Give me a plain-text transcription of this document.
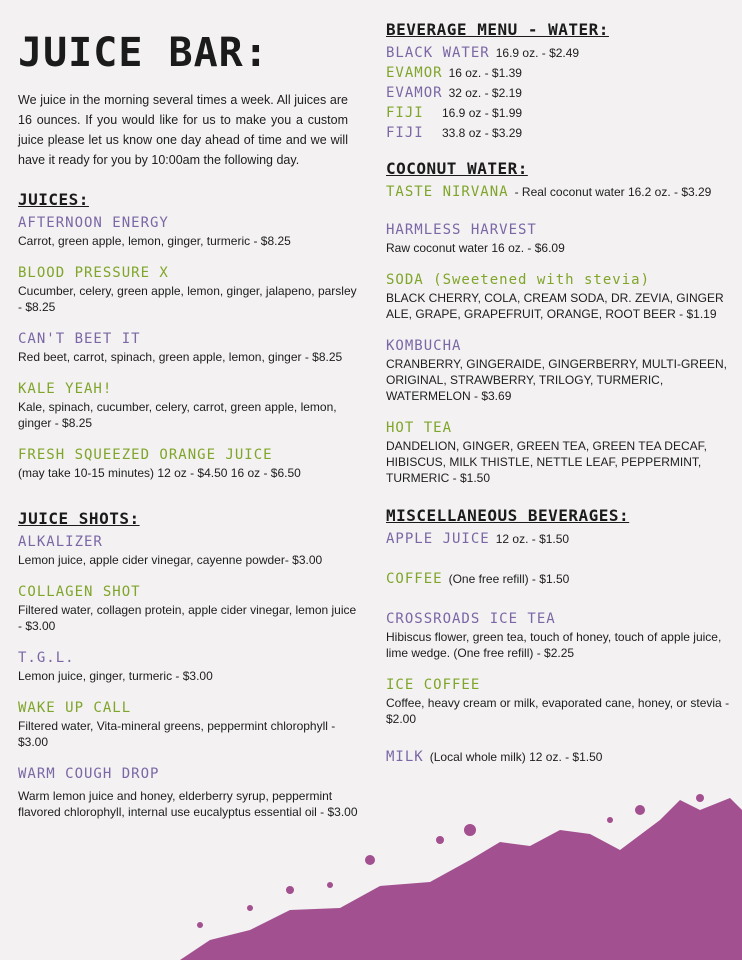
JUICE BAR:

We juice in the morning several times a week. All juices are 16 ounces. If you would like for us to make you a custom juice please let us know one day ahead of time and we will have it ready for you by 10:00am the following day.

JUICES:
AFTERNOON ENERGY
Carrot, green apple, lemon, ginger, turmeric - $8.25
BLOOD PRESSURE X
Cucumber, celery, green apple, lemon, ginger, jalapeno, parsley - $8.25
CAN'T BEET IT
Red beet, carrot, spinach, green apple, lemon, ginger - $8.25
KALE YEAH!
Kale, spinach, cucumber, celery, carrot, green apple, lemon, ginger - $8.25
FRESH SQUEEZED ORANGE JUICE
(may take 10-15 minutes) 12 oz - $4.50 16 oz - $6.50
JUICE SHOTS:
ALKALIZER
Lemon juice, apple cider vinegar, cayenne powder- $3.00
COLLAGEN SHOT
Filtered water, collagen protein, apple cider vinegar, lemon juice - $3.00
T.G.L.
Lemon juice, ginger, turmeric - $3.00
WAKE UP CALL
Filtered water, Vita-mineral greens, peppermint chlorophyll - $3.00
WARM COUGH DROP
Warm lemon juice and honey, elderberry syrup, peppermint flavored chlorophyll, internal use eucalyptus essential oil - $3.00
BEVERAGE MENU - WATER:
BLACK WATER 16.9 oz. - $2.49
EVAMOR 16 oz. - $1.39
EVAMOR 32 oz. - $2.19
FIJI	16.9 oz - $1.99
FIJI	33.8 oz - $3.29
COCONUT WATER:
TASTE NIRVANA - Real coconut water 16.2 oz. - $3.29
HARMLESS HARVEST
Raw coconut water 16 oz. - $6.09
SODA (Sweetened with stevia)
BLACK CHERRY, COLA, CREAM SODA, DR. ZEVIA, GINGER ALE, GRAPE, GRAPEFRUIT, ORANGE, ROOT BEER - $1.19
KOMBUCHA
CRANBERRY, GINGERAIDE, GINGERBERRY, MULTI-GREEN, ORIGINAL, STRAWBERRY, TRILOGY, TURMERIC, WATERMELON - $3.69
HOT TEA
DANDELION, GINGER, GREEN TEA, GREEN TEA DECAF, HIBISCUS, MILK THISTLE, NETTLE LEAF, PEPPERMINT, TURMERIC - $1.50
MISCELLANEOUS BEVERAGES:
APPLE JUICE 12 oz. - $1.50
COFFEE (One free refill) - $1.50
CROSSROADS ICE TEA
Hibiscus flower, green tea, touch of honey, touch of apple juice, lime wedge. (One free refill) - $2.25
ICE COFFEE
Coffee, heavy cream or milk, evaporated cane, honey, or stevia - $2.00
MILK (Local whole milk) 12 oz. - $1.50
